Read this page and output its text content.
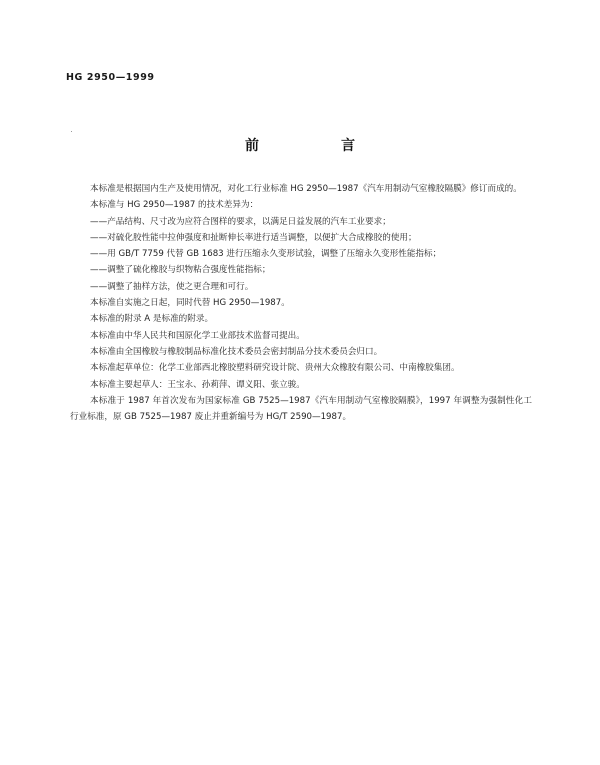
HG 2950—1999
前　言

本标准是根据国内生产及使用情况，对化工行业标准 HG 2950—1987《汽车用制动气室橡胶隔膜》修订而成的。

本标准与 HG 2950—1987 的技术差异为：

——产品结构、尺寸改为应符合图样的要求，以满足日益发展的汽车工业要求；

——对硫化胶性能中拉伸强度和扯断伸长率进行适当调整，以便扩大合成橡胶的使用；

——用 GB/T 7759 代替 GB 1683 进行压缩永久变形试验，调整了压缩永久变形性能指标；

——调整了硫化橡胶与织物粘合强度性能指标；

——调整了抽样方法，使之更合理和可行。

本标准自实施之日起，同时代替 HG 2950—1987。

本标准的附录 A 是标准的附录。

本标准由中华人民共和国原化学工业部技术监督司提出。

本标准由全国橡胶与橡胶制品标准化技术委员会密封制品分技术委员会归口。

本标准起草单位：化学工业部西北橡胶塑料研究设计院、贵州大众橡胶有限公司、中南橡胶集团。

本标准主要起草人：王宝永、孙莉萍、谭义阳、张立骏。

本标准于 1987 年首次发布为国家标准 GB 7525—1987《汽车用制动气室橡胶隔膜》，1997 年调整为强制性化工行业标准，原 GB 7525—1987 废止并重新编号为 HG/T 2590—1987。
